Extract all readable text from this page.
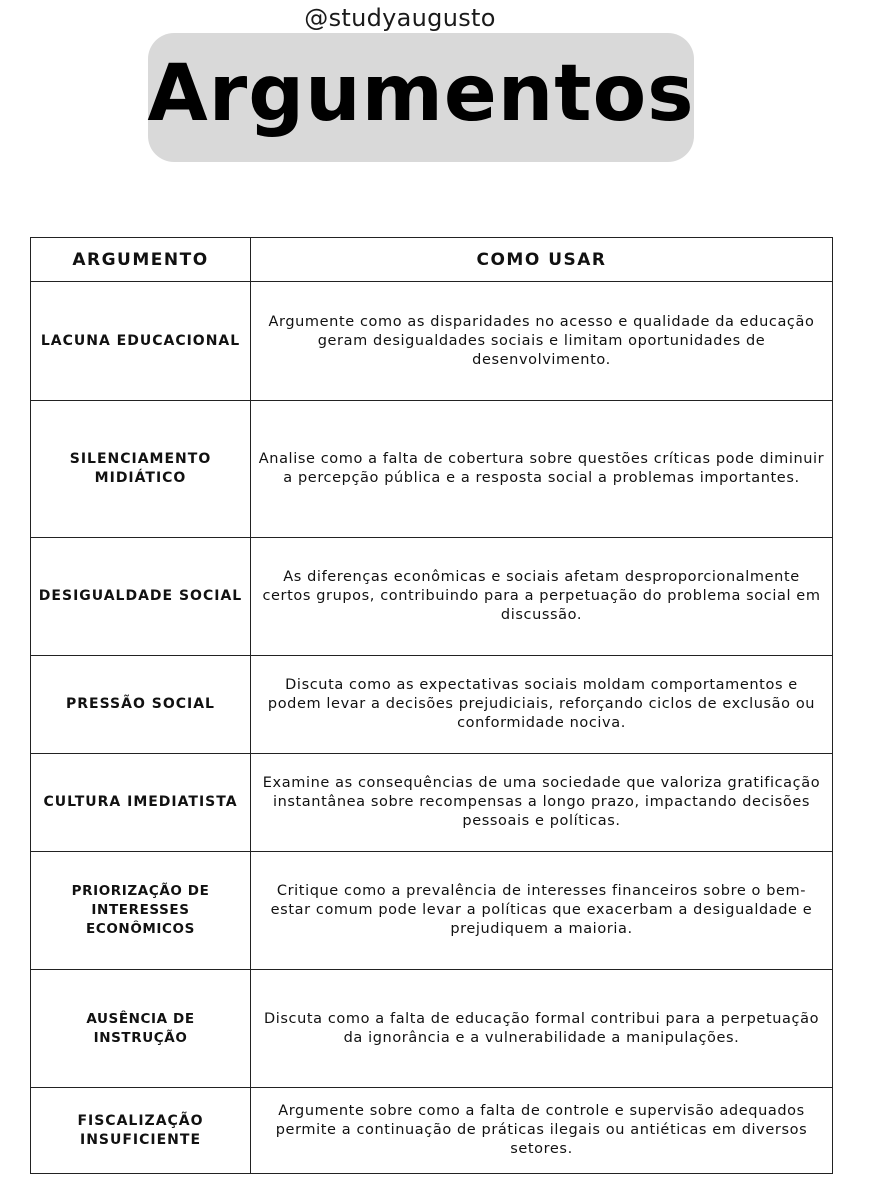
@studyaugusto
Argumentos
ARGUMENTO	COMO USAR
LACUNA EDUCACIONAL	Argumente como as disparidades no acesso e qualidade da educação geram desigualdades sociais e limitam oportunidades de desenvolvimento.
SILENCIAMENTO MIDIÁTICO	Analise como a falta de cobertura sobre questões críticas pode diminuir a percepção pública e a resposta social a problemas importantes.
DESIGUALDADE SOCIAL	As diferenças econômicas e sociais afetam desproporcionalmente certos grupos, contribuindo para a perpetuação do problema social em discussão.
PRESSÃO SOCIAL	Discuta como as expectativas sociais moldam comportamentos e podem levar a decisões prejudiciais, reforçando ciclos de exclusão ou conformidade nociva.
CULTURA IMEDIATISTA	Examine as consequências de uma sociedade que valoriza gratificação instantânea sobre recompensas a longo prazo, impactando decisões pessoais e políticas.
PRIORIZAÇÃO DE INTERESSES ECONÔMICOS	Critique como a prevalência de interesses financeiros sobre o bem-estar comum pode levar a políticas que exacerbam a desigualdade e prejudiquem a maioria.
AUSÊNCIA DE INSTRUÇÃO	Discuta como a falta de educação formal contribui para a perpetuação da ignorância e a vulnerabilidade a manipulações.
FISCALIZAÇÃO INSUFICIENTE	Argumente sobre como a falta de controle e supervisão adequados permite a continuação de práticas ilegais ou antiéticas em diversos setores.
